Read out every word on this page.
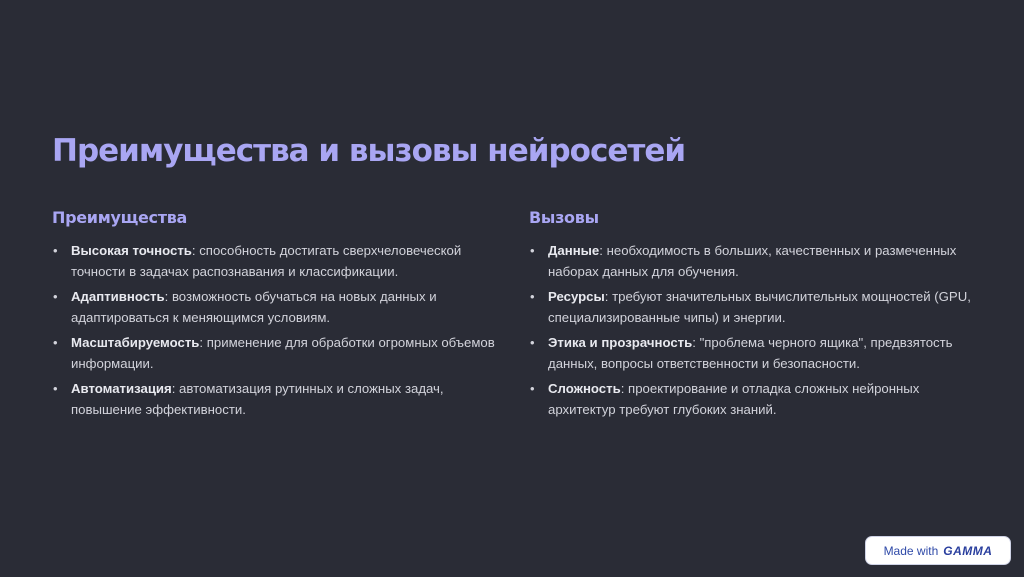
Преимущества и вызовы нейросетей
Преимущества
• Высокая точность: способность достигать сверхчеловеческой точности в задачах распознавания и классификации.
• Адаптивность: возможность обучаться на новых данных и адаптироваться к меняющимся условиям.
• Масштабируемость: применение для обработки огромных объемов информации.
• Автоматизация: автоматизация рутинных и сложных задач, повышение эффективности.
Вызовы
• Данные: необходимость в больших, качественных и размеченных наборах данных для обучения.
• Ресурсы: требуют значительных вычислительных мощностей (GPU, специализированные чипы) и энергии.
• Этика и прозрачность: "проблема черного ящика", предвзятость данных, вопросы ответственности и безопасности.
• Сложность: проектирование и отладка сложных нейронных архитектур требуют глубоких знаний.
Made with GAMMA
